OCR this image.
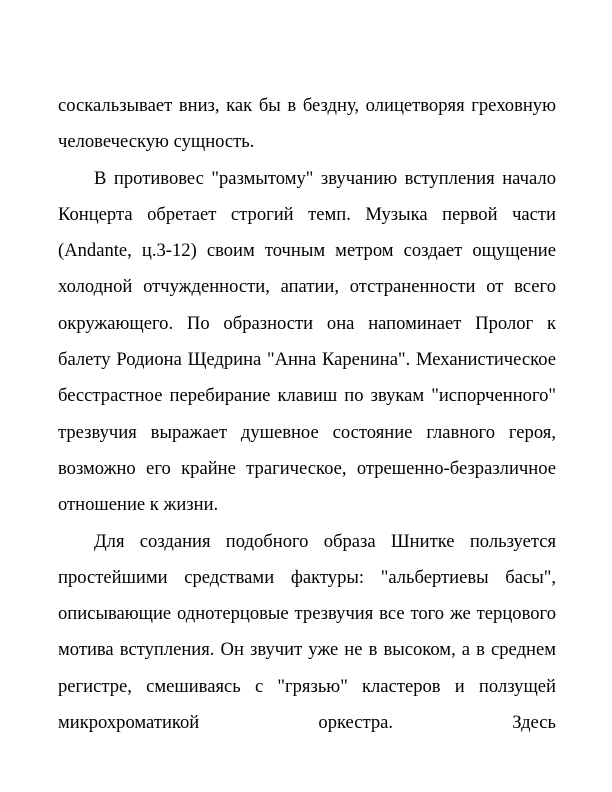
соскальзывает вниз, как бы в бездну, олицетворяя греховную человеческую сущность.

В противовес "размытому" звучанию вступления начало Концерта обретает строгий темп. Музыка первой части (Andante, ц.3-12) своим точным метром создает ощущение холодной отчужденности, апатии, отстраненности от всего окружающего. По образности она напоминает Пролог к балету Родиона Щедрина "Анна Каренина". Механистическое бесстрастное перебирание клавиш по звукам "испорченного" трезвучия выражает душевное состояние главного героя, возможно его крайне трагическое, отрешенно-безразличное отношение к жизни.

Для создания подобного образа Шнитке пользуется простейшими средствами фактуры: "альбертиевы басы", описывающие однотерцовые трезвучия все того же терцового мотива вступления. Он звучит уже не в высоком, а в среднем регистре, смешиваясь с "грязью" кластеров и ползущей микрохроматикой оркестра. Здесь
